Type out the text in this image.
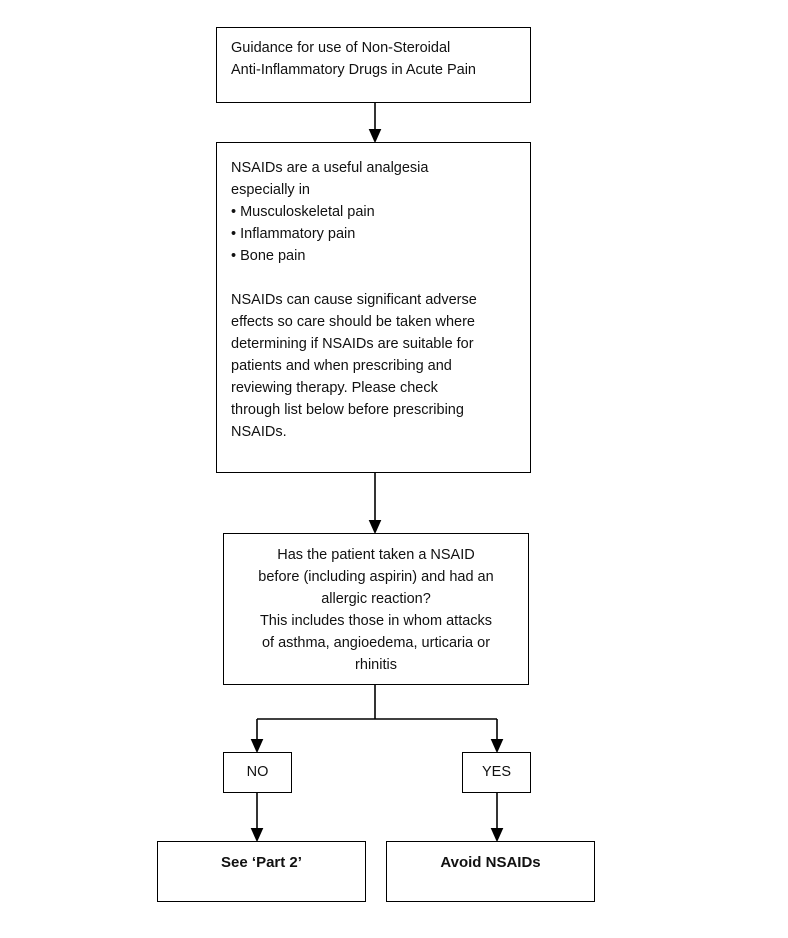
Guidance for use of Non-Steroidal
Anti-Inflammatory Drugs in Acute Pain
NSAIDs are a useful analgesia
especially in
• Musculoskeletal pain
• Inflammatory pain
• Bone pain
NSAIDs can cause significant adverse
effects so care should be taken where
determining if NSAIDs are suitable for
patients and when prescribing and
reviewing therapy. Please check
through list below before prescribing
NSAIDs.
Has the patient taken a NSAID
before (including aspirin) and had an
allergic reaction?
This includes those in whom attacks
of asthma, angioedema, urticaria or
rhinitis
NO	YES
See ‘Part 2’	Avoid NSAIDs
